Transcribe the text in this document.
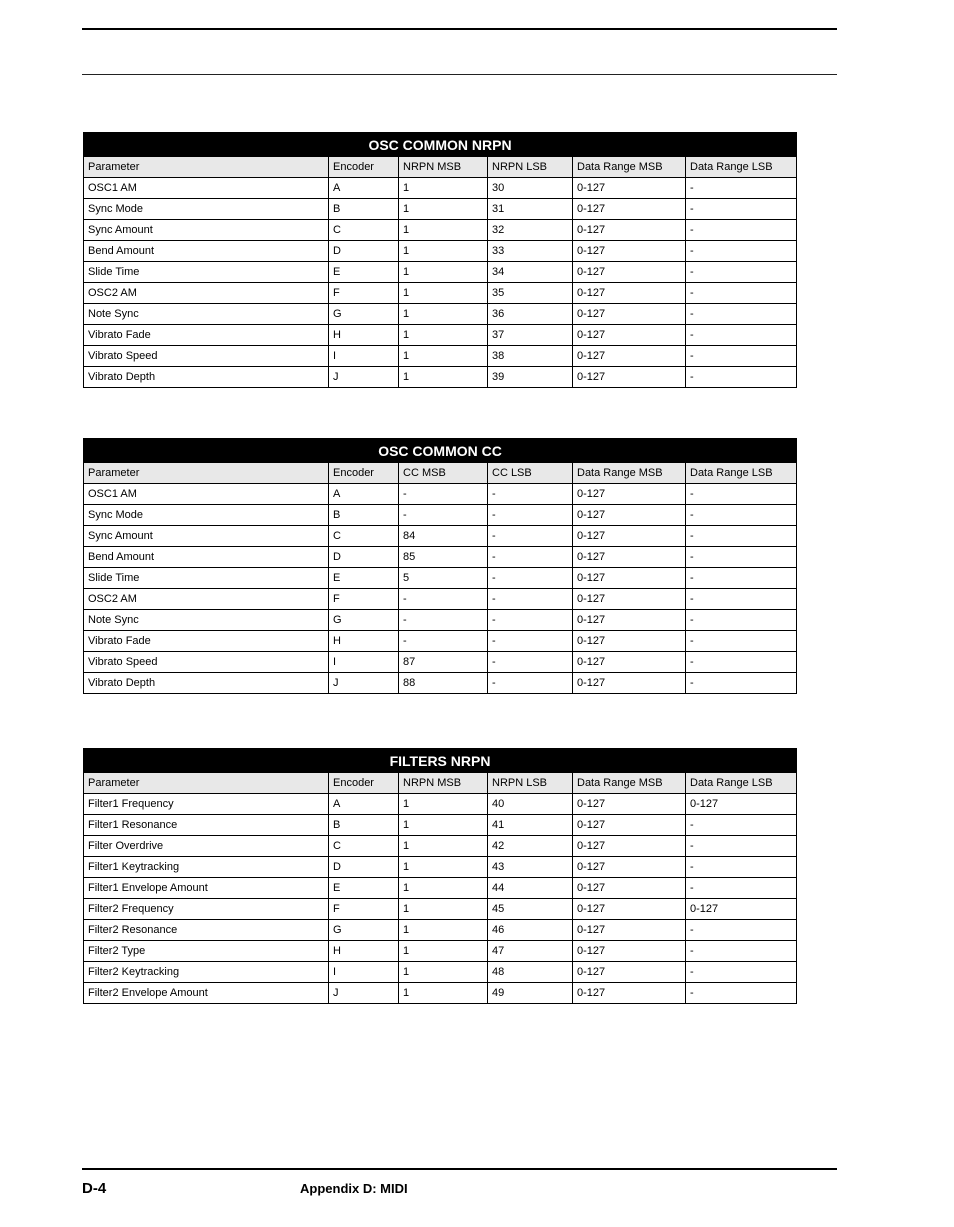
OSC COMMON NRPN					
Parameter	Encoder	NRPN MSB	NRPN LSB	Data Range MSB	Data Range LSB
OSC1 AM	A	1	30	0-127	-
Sync Mode	B	1	31	0-127	-
Sync Amount	C	1	32	0-127	-
Bend Amount	D	1	33	0-127	-
Slide Time	E	1	34	0-127	-
OSC2 AM	F	1	35	0-127	-
Note Sync	G	1	36	0-127	-
Vibrato Fade	H	1	37	0-127	-
Vibrato Speed	I	1	38	0-127	-
Vibrato Depth	J	1	39	0-127	-
OSC COMMON CC					
Parameter	Encoder	CC MSB	CC LSB	Data Range MSB	Data Range LSB
OSC1 AM	A	-	-	0-127	-
Sync Mode	B	-	-	0-127	-
Sync Amount	C	84	-	0-127	-
Bend Amount	D	85	-	0-127	-
Slide Time	E	5	-	0-127	-
OSC2 AM	F	-	-	0-127	-
Note Sync	G	-	-	0-127	-
Vibrato Fade	H	-	-	0-127	-
Vibrato Speed	I	87	-	0-127	-
Vibrato Depth	J	88	-	0-127	-
FILTERS NRPN					
Parameter	Encoder	NRPN MSB	NRPN LSB	Data Range MSB	Data Range LSB
Filter1 Frequency	A	1	40	0-127	0-127
Filter1 Resonance	B	1	41	0-127	-
Filter Overdrive	C	1	42	0-127	-
Filter1 Keytracking	D	1	43	0-127	-
Filter1 Envelope Amount	E	1	44	0-127	-
Filter2 Frequency	F	1	45	0-127	0-127
Filter2 Resonance	G	1	46	0-127	-
Filter2 Type	H	1	47	0-127	-
Filter2 Keytracking	I	1	48	0-127	-
Filter2 Envelope Amount	J	1	49	0-127	-
D-4	Appendix D: MIDI
